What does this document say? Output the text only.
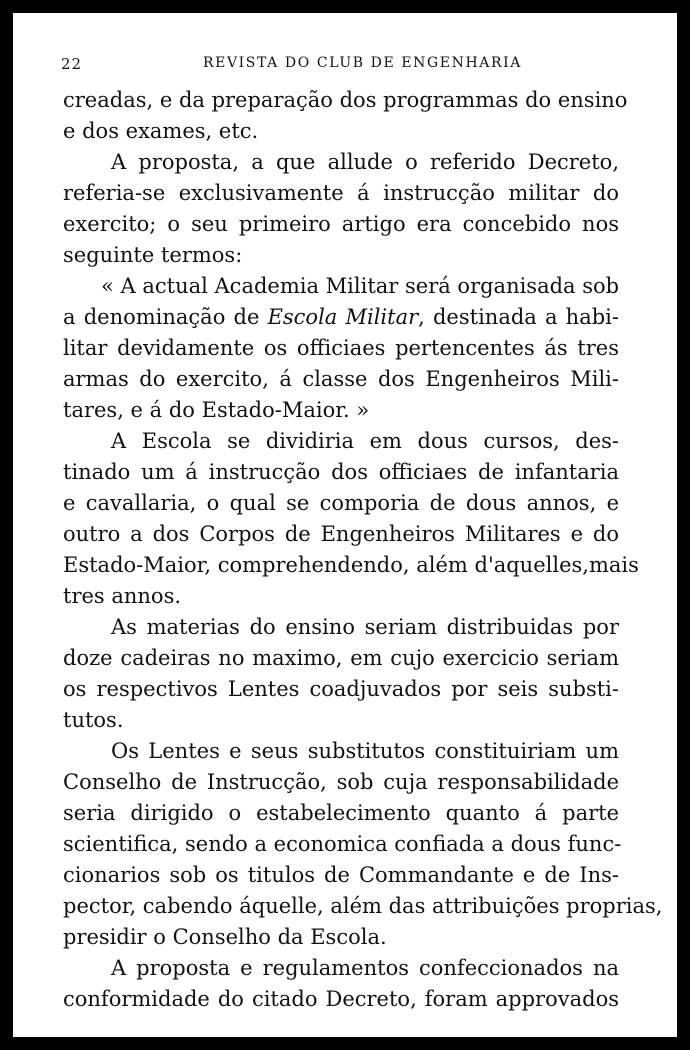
22	REVISTA DO CLUB DE ENGENHARIA
creadas, e da preparação dos programmas do ensino
e dos exames, etc.
A proposta, a que allude o referido Decreto,
referia-se exclusivamente á instrucção militar do
exercito; o seu primeiro artigo era concebido nos
seguinte termos:
« A actual Academia Militar será organisada sob
a denominação de Escola Militar, destinada a habi-
litar devidamente os officiaes pertencentes ás tres
armas do exercito, á classe dos Engenheiros Mili-
tares, e á do Estado-Maior. »
A Escola se dividiria em dous cursos, des-
tinado um á instrucção dos officiaes de infantaria
e cavallaria, o qual se comporia de dous annos, e
outro a dos Corpos de Engenheiros Militares e do
Estado-Maior, comprehendendo, além d'aquelles,mais
tres annos.
As materias do ensino seriam distribuidas por
doze cadeiras no maximo, em cujo exercicio seriam
os respectivos Lentes coadjuvados por seis substi-
tutos.
Os Lentes e seus substitutos constituiriam um
Conselho de Instrucção, sob cuja responsabilidade
seria dirigido o estabelecimento quanto á parte
scientifica, sendo a economica confiada a dous func-
cionarios sob os titulos de Commandante e de Ins-
pector, cabendo áquelle, além das attribuições proprias,
presidir o Conselho da Escola.
A proposta e regulamentos confeccionados na
conformidade do citado Decreto, foram approvados
